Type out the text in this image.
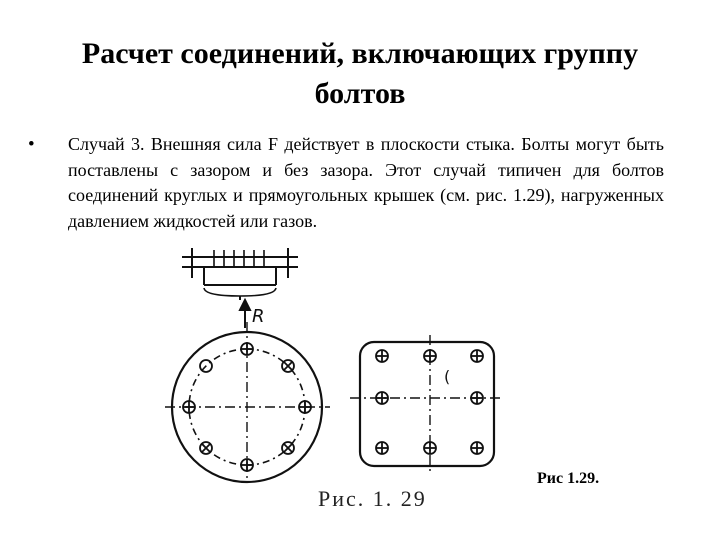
Расчет соединений, включающих группу болтов
•	Случай 3. Внешняя сила F действует в плоскости стыка. Болты могут быть поставлены с зазором и без зазора. Этот случай типичен для болтов соединений круглых и прямоугольных крышек (см. рис. 1.29), нагруженных давлением жидкостей или газов.
R
(
Рис. 1. 29
Рис 1.29.
